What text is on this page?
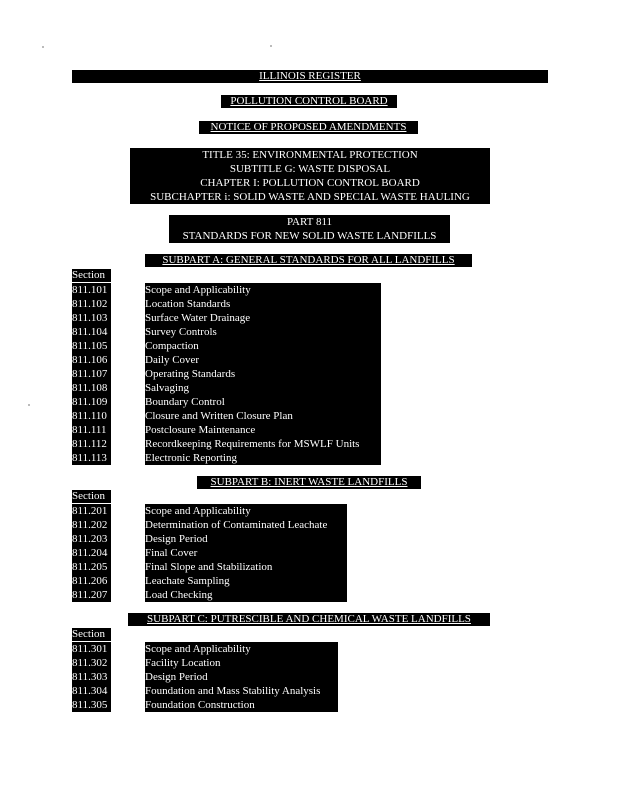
ILLINOIS REGISTER
POLLUTION CONTROL BOARD
NOTICE OF PROPOSED AMENDMENTS
TITLE 35: ENVIRONMENTAL PROTECTION
SUBTITLE G: WASTE DISPOSAL
CHAPTER I: POLLUTION CONTROL BOARD
SUBCHAPTER i: SOLID WASTE AND SPECIAL WASTE HAULING
PART 811
STANDARDS FOR NEW SOLID WASTE LANDFILLS
SUBPART A: GENERAL STANDARDS FOR ALL LANDFILLS
Section
811.101	Scope and Applicability
811.102	Location Standards
811.103	Surface Water Drainage
811.104	Survey Controls
811.105	Compaction
811.106	Daily Cover
811.107	Operating Standards
811.108	Salvaging
811.109	Boundary Control
811.110	Closure and Written Closure Plan
811.111	Postclosure Maintenance
811.112	Recordkeeping Requirements for MSWLF Units
811.113	Electronic Reporting
SUBPART B: INERT WASTE LANDFILLS
Section
811.201	Scope and Applicability
811.202	Determination of Contaminated Leachate
811.203	Design Period
811.204	Final Cover
811.205	Final Slope and Stabilization
811.206	Leachate Sampling
811.207	Load Checking
SUBPART C: PUTRESCIBLE AND CHEMICAL WASTE LANDFILLS
Section
811.301	Scope and Applicability
811.302	Facility Location
811.303	Design Period
811.304	Foundation and Mass Stability Analysis
811.305	Foundation Construction
